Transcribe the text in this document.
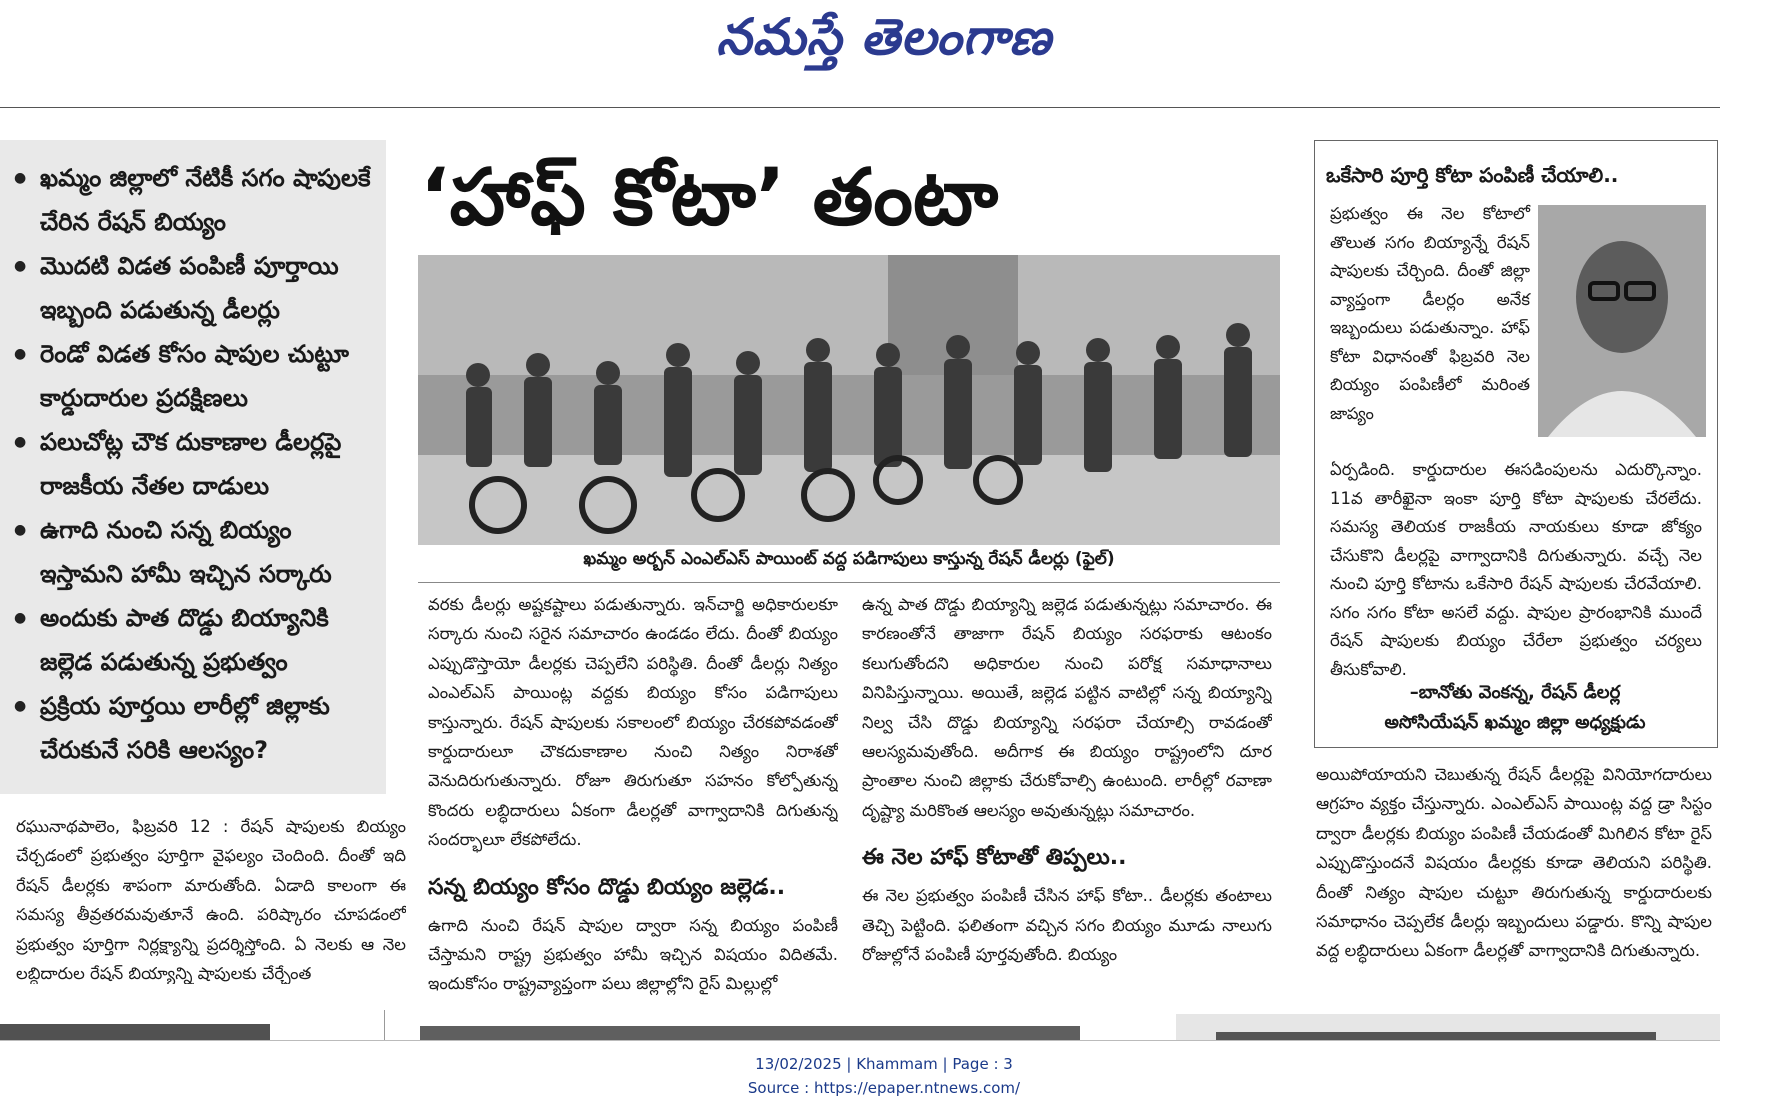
నమస్తే తెలంగాణ
● ఖమ్మం జిల్లాలో నేటికీ సగం షాపులకే చేరిన రేషన్ బియ్యం
● మొదటి విడత పంపిణీ పూర్తాయి ఇబ్బంది పడుతున్న డీలర్లు
● రెండో విడత కోసం షాపుల చుట్టూ కార్డుదారుల ప్రదక్షిణలు
● పలుచోట్ల చౌక దుకాణాల డీలర్లపై రాజకీయ నేతల దాడులు
● ఉగాది నుంచి సన్న బియ్యం ఇస్తామని హామీ ఇచ్చిన సర్కారు
● అందుకు పాత దొడ్డు బియ్యానికి జల్లెడ పడుతున్న ప్రభుత్వం
● ప్రక్రియ పూర్తయి లారీల్లో జిల్లాకు చేరుకునే సరికి ఆలస్యం?
రఘునాథపాలెం, ఫిబ్రవరి 12 : రేషన్ షాపులకు బియ్యం చేర్చడంలో ప్రభుత్వం పూర్తిగా వైఫల్యం చెందింది. దీంతో ఇది రేషన్ డీలర్లకు శాపంగా మారుతోంది. ఏడాది కాలంగా ఈ సమస్య తీవ్రతరమవుతూనే ఉంది. పరిష్కారం చూపడంలో ప్రభుత్వం పూర్తిగా నిర్లక్ష్యాన్ని ప్రదర్శిస్తోంది. ఏ నెలకు ఆ నెల లబ్ధిదారుల రేషన్ బియ్యాన్ని షాపులకు చేర్చేంత
‘హాఫ్ కోటా’ తంటా
ఖమ్మం అర్బన్ ఎంఎల్ఎస్ పాయింట్ వద్ద పడిగాపులు కాస్తున్న రేషన్ డీలర్లు (ఫైల్)
వరకు డీలర్లు అష్టకష్టాలు పడుతున్నారు. ఇన్‌చార్జి అధికారులకూ సర్కారు నుంచి సరైన సమాచారం ఉండడం లేదు. దీంతో బియ్యం ఎప్పుడొస్తాయో డీలర్లకు చెప్పలేని పరిస్థితి. దీంతో డీలర్లు నిత్యం ఎంఎల్ఎస్ పాయింట్ల వద్దకు బియ్యం కోసం పడిగాపులు కాస్తున్నారు. రేషన్ షాపులకు సకాలంలో బియ్యం చేరకపోవడంతో కార్డుదారులూ చౌకదుకాణాల నుంచి నిత్యం నిరాశతో వెనుదిరుగుతున్నారు. రోజూ తిరుగుతూ సహనం కోల్పోతున్న కొందరు లబ్ధిదారులు ఏకంగా డీలర్లతో వాగ్వాదానికి దిగుతున్న సందర్భాలూ లేకపోలేదు.
సన్న బియ్యం కోసం దొడ్డు బియ్యం జల్లెడ..
ఉగాది నుంచి రేషన్ షాపుల ద్వారా సన్న బియ్యం పంపిణీ చేస్తామని రాష్ట్ర ప్రభుత్వం హామీ ఇచ్చిన విషయం విదితమే. ఇందుకోసం రాష్ట్రవ్యాప్తంగా పలు జిల్లాల్లోని రైస్ మిల్లుల్లో
ఉన్న పాత దొడ్డు బియ్యాన్ని జల్లెడ పడుతున్నట్లు సమాచారం. ఈ కారణంతోనే తాజాగా రేషన్ బియ్యం సరఫరాకు ఆటంకం కలుగుతోందని అధికారుల నుంచి పరోక్ష సమాధానాలు వినిపిస్తున్నాయి. అయితే, జల్లెడ పట్టిన వాటిల్లో సన్న బియ్యాన్ని నిల్వ చేసి దొడ్డు బియ్యాన్ని సరఫరా చేయాల్సి రావడంతో ఆలస్యమవుతోంది. అదీగాక ఈ బియ్యం రాష్ట్రంలోని దూర ప్రాంతాల నుంచి జిల్లాకు చేరుకోవాల్సి ఉంటుంది. లారీల్లో రవాణా దృష్ట్యా మరికొంత ఆలస్యం అవుతున్నట్లు సమాచారం.
ఈ నెల హాఫ్ కోటాతో తిప్పలు..
ఈ నెల ప్రభుత్వం పంపిణీ చేసిన హాఫ్ కోటా.. డీలర్లకు తంటాలు తెచ్చి పెట్టింది. ఫలితంగా వచ్చిన సగం బియ్యం మూడు నాలుగు రోజుల్లోనే పంపిణీ పూర్తవుతోంది. బియ్యం
ఒకేసారి పూర్తి కోటా పంపిణీ చేయాలి..
ప్రభుత్వం ఈ నెల కోటాలో తొలుత సగం బియ్యాన్నే రేషన్ షాపులకు చేర్చింది. దీంతో జిల్లా వ్యాప్తంగా డీలర్లం అనేక ఇబ్బందులు పడుతున్నాం. హాఫ్ కోటా విధానంతో ఫిబ్రవరి నెల బియ్యం పంపిణీలో మరింత జాప్యం
ఏర్పడింది. కార్డుదారుల ఈసడింపులను ఎదుర్కొన్నాం. 11వ తారీఖైనా ఇంకా పూర్తి కోటా షాపులకు చేరలేదు. సమస్య తెలియక రాజకీయ నాయకులు కూడా జోక్యం చేసుకొని డీలర్లపై వాగ్వాదానికి దిగుతున్నారు. వచ్చే నెల నుంచి పూర్తి కోటాను ఒకేసారి రేషన్ షాపులకు చేరవేయాలి. సగం సగం కోటా అసలే వద్దు. షాపుల ప్రారంభానికి ముందే రేషన్ షాపులకు బియ్యం చేరేలా ప్రభుత్వం చర్యలు తీసుకోవాలి.
–బానోతు వెంకన్న, రేషన్ డీలర్ల
అసోసియేషన్ ఖమ్మం జిల్లా అధ్యక్షుడు
అయిపోయాయని చెబుతున్న రేషన్ డీలర్లపై వినియోగదారులు ఆగ్రహం వ్యక్తం చేస్తున్నారు. ఎంఎల్ఎస్ పాయింట్ల వద్ద డ్రా సిస్టం ద్వారా డీలర్లకు బియ్యం పంపిణీ చేయడంతో మిగిలిన కోటా రైస్ ఎప్పుడొస్తుందనే విషయం డీలర్లకు కూడా తెలియని పరిస్థితి. దీంతో నిత్యం షాపుల చుట్టూ తిరుగుతున్న కార్డుదారులకు సమాధానం చెప్పలేక డీలర్లు ఇబ్బందులు పడ్డారు. కొన్ని షాపుల వద్ద లబ్ధిదారులు ఏకంగా డీలర్లతో వాగ్వాదానికి దిగుతున్నారు.
13/02/2025 | Khammam | Page : 3
Source : https://epaper.ntnews.com/
